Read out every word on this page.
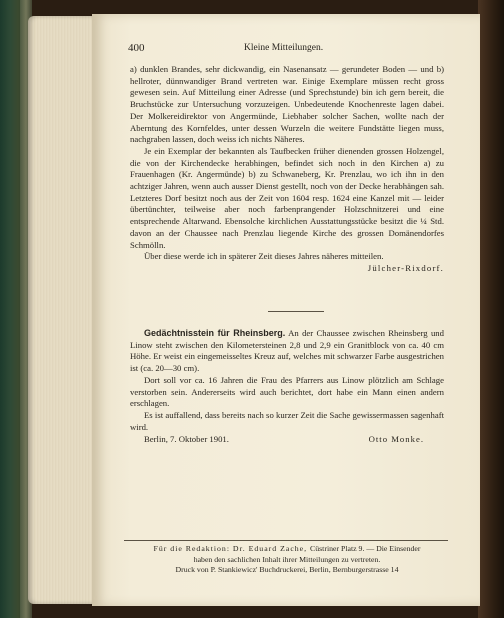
400	Kleine Mitteilungen.

a) dunklen Brandes, sehr dickwandig, ein Nasenansatz — gerundeter Boden — und b) hellroter, dünnwandiger Brand vertreten war. Einige Exemplare müssen recht gross gewesen sein. Auf Mitteilung einer Adresse (und Sprechstunde) bin ich gern bereit, die Bruchstücke zur Untersuchung vorzuzeigen. Unbedeutende Knochenreste lagen dabei. Der Molkereidirektor von Angermünde, Liebhaber solcher Sachen, wollte nach der Aberntung des Kornfeldes, unter dessen Wurzeln die weitere Fundstätte liegen muss, nachgraben lassen, doch weiss ich nichts Näheres.

Je ein Exemplar der bekannten als Taufbecken früher dienenden grossen Holzengel, die von der Kirchendecke herabhingen, befindet sich noch in den Kirchen a) zu Frauenhagen (Kr. Angermünde) b) zu Schwaneberg, Kr. Prenzlau, wo ich ihn in den achtziger Jahren, wenn auch ausser Dienst gestellt, noch von der Decke herabhängen sah. Letzteres Dorf besitzt noch aus der Zeit von 1604 resp. 1624 eine Kanzel mit — leider übertünchter, teilweise aber noch farbenprangender Holzschnitzerei und eine entsprechende Altarwand. Ebensolche kirchlichen Ausstattungsstücke besitzt die ¼ Std. davon an der Chaussee nach Prenzlau liegende Kirche des grossen Domänendorfes Schmölln.

Über diese werde ich in späterer Zeit dieses Jahres näheres mitteilen.

Jülcher-Rixdorf.

Gedächtnisstein für Rheinsberg. An der Chaussee zwischen Rheinsberg und Linow steht zwischen den Kilometersteinen 2,8 und 2,9 ein Granitblock von ca. 40 cm Höhe. Er weist ein eingemeisseltes Kreuz auf, welches mit schwarzer Farbe ausgestrichen ist (ca. 20—30 cm).

Dort soll vor ca. 16 Jahren die Frau des Pfarrers aus Linow plötzlich am Schlage verstorben sein. Andererseits wird auch berichtet, dort habe ein Mann einen andern erschlagen.

Es ist auffallend, dass bereits nach so kurzer Zeit die Sache gewissermassen sagenhaft wird.

Berlin, 7. Oktober 1901.	Otto Monke.
Für die Redaktion: Dr. Eduard Zache, Cüstriner Platz 9. — Die Einsender
haben den sachlichen Inhalt ihrer Mitteilungen zu vertreten.
Druck von P. Stankiewicz' Buchdruckerei, Berlin, Bernburgerstrasse 14
